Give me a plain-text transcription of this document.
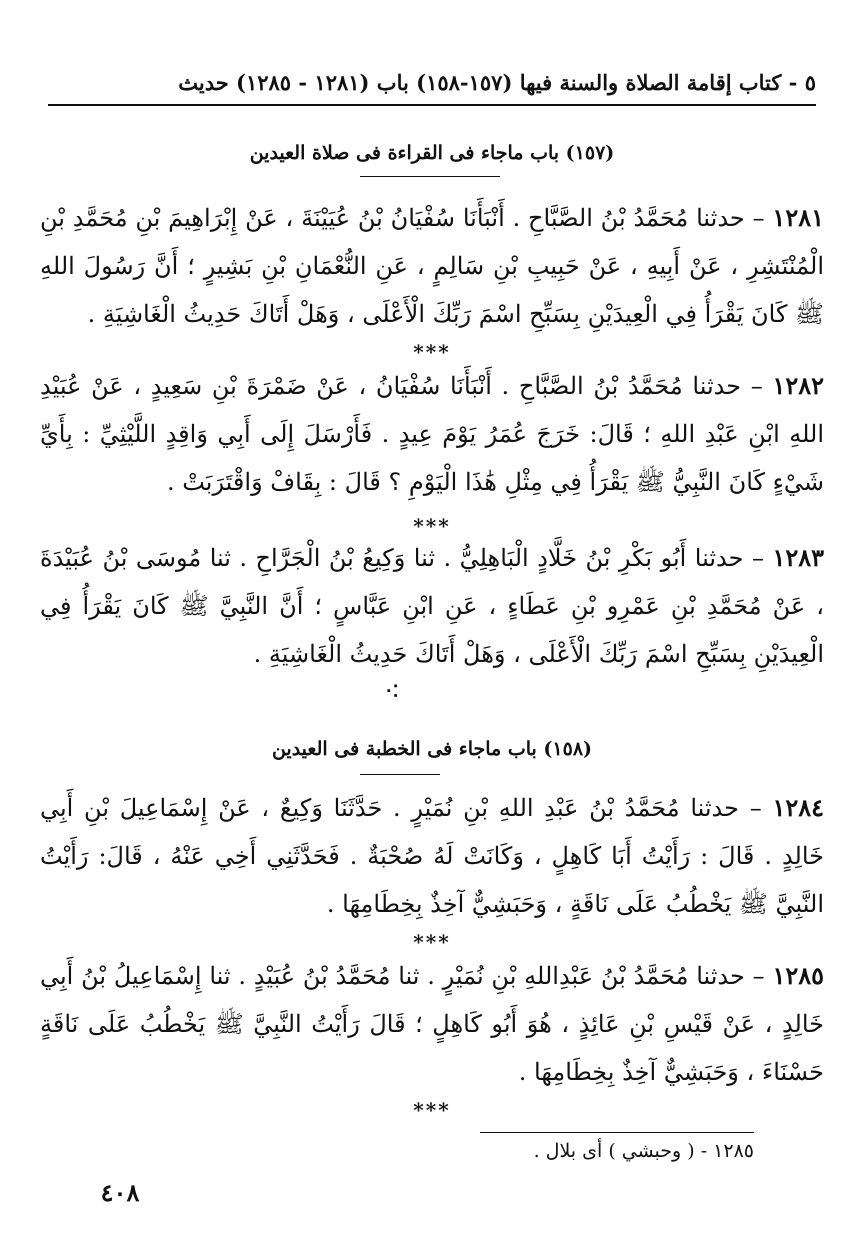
٥ - كتاب إقامة الصلاة والسنة فيها (١٥٧-١٥٨) باب (١٢٨١ - ١٢٨٥) حديث
(١٥٧) باب ماجاء فى القراءة فى صلاة العيدين
١٢٨١ – حدثنا مُحَمَّدُ بْنُ الصَّبَّاحِ . أَنْبَأَنَا سُفْيَانُ بْنُ عُيَيْنَةَ ، عَنْ إِبْرَاهِيمَ بْنِ مُحَمَّدِ بْنِ الْمُنْتَشِرِ ، عَنْ أَبِيهِ ، عَنْ حَبِيبِ بْنِ سَالِمٍ ، عَنِ النُّعْمَانِ بْنِ بَشِيرٍ ؛ أَنَّ رَسُولَ اللهِ ﷺ كَانَ يَقْرَأُ فِي الْعِيدَيْنِ بِسَبِّحِ اسْمَ رَبِّكَ الْأَعْلَى ، وَهَلْ أَتَاكَ حَدِيثُ الْغَاشِيَةِ .
***
١٢٨٢ – حدثنا مُحَمَّدُ بْنُ الصَّبَّاحِ . أَنْبَأَنَا سُفْيَانُ ، عَنْ ضَمْرَةَ بْنِ سَعِيدٍ ، عَنْ عُبَيْدِ اللهِ ابْنِ عَبْدِ اللهِ ؛ قَالَ: خَرَجَ عُمَرُ يَوْمَ عِيدٍ . فَأَرْسَلَ إِلَى أَبِي وَاقِدٍ اللَّيْثِيِّ : بِأَيِّ شَيْءٍ كَانَ النَّبِيُّ ﷺ يَقْرَأُ فِي مِثْلِ هَٰذَا الْيَوْمِ ؟ قَالَ : بِقَافْ وَاقْتَرَبَتْ .
***
١٢٨٣ – حدثنا أَبُو بَكْرِ بْنُ خَلَّادٍ الْبَاهِلِيُّ . ثنا وَكِيعُ بْنُ الْجَرَّاحِ . ثنا مُوسَى بْنُ عُبَيْدَةَ ، عَنْ مُحَمَّدِ بْنِ عَمْرِو بْنِ عَطَاءٍ ، عَنِ ابْنِ عَبَّاسٍ ؛ أَنَّ النَّبِيَّ ﷺ كَانَ يَقْرَأُ فِي الْعِيدَيْنِ بِسَبِّحِ اسْمَ رَبِّكَ الْأَعْلَى ، وَهَلْ أَتَاكَ حَدِيثُ الْغَاشِيَةِ .
⁖
(١٥٨) باب ماجاء فى الخطبة فى العيدين
١٢٨٤ – حدثنا مُحَمَّدُ بْنُ عَبْدِ اللهِ بْنِ نُمَيْرٍ . حَدَّثَنَا وَكِيعٌ ، عَنْ إِسْمَاعِيلَ بْنِ أَبِي خَالِدٍ . قَالَ : رَأَيْتُ أَبَا كَاهِلٍ ، وَكَانَتْ لَهُ صُحْبَةٌ . فَحَدَّثَنِي أَخِي عَنْهُ ، قَالَ: رَأَيْتُ النَّبِيَّ ﷺ يَخْطُبُ عَلَى نَاقَةٍ ، وَحَبَشِيٌّ آخِذٌ بِخِطَامِهَا .
***
١٢٨٥ – حدثنا مُحَمَّدُ بْنُ عَبْدِاللهِ بْنِ نُمَيْرٍ . ثنا مُحَمَّدُ بْنُ عُبَيْدٍ . ثنا إِسْمَاعِيلُ بْنُ أَبِي خَالِدٍ ، عَنْ قَيْسِ بْنِ عَائِذٍ ، هُوَ أَبُو كَاهِلٍ ؛ قَالَ رَأَيْتُ النَّبِيَّ ﷺ يَخْطُبُ عَلَى نَاقَةٍ حَسْنَاءَ ، وَحَبَشِيٌّ آخِذٌ بِخِطَامِهَا .
***
١٢٨٥ - ( وحبشي ) أى بلال .
٤٠٨
